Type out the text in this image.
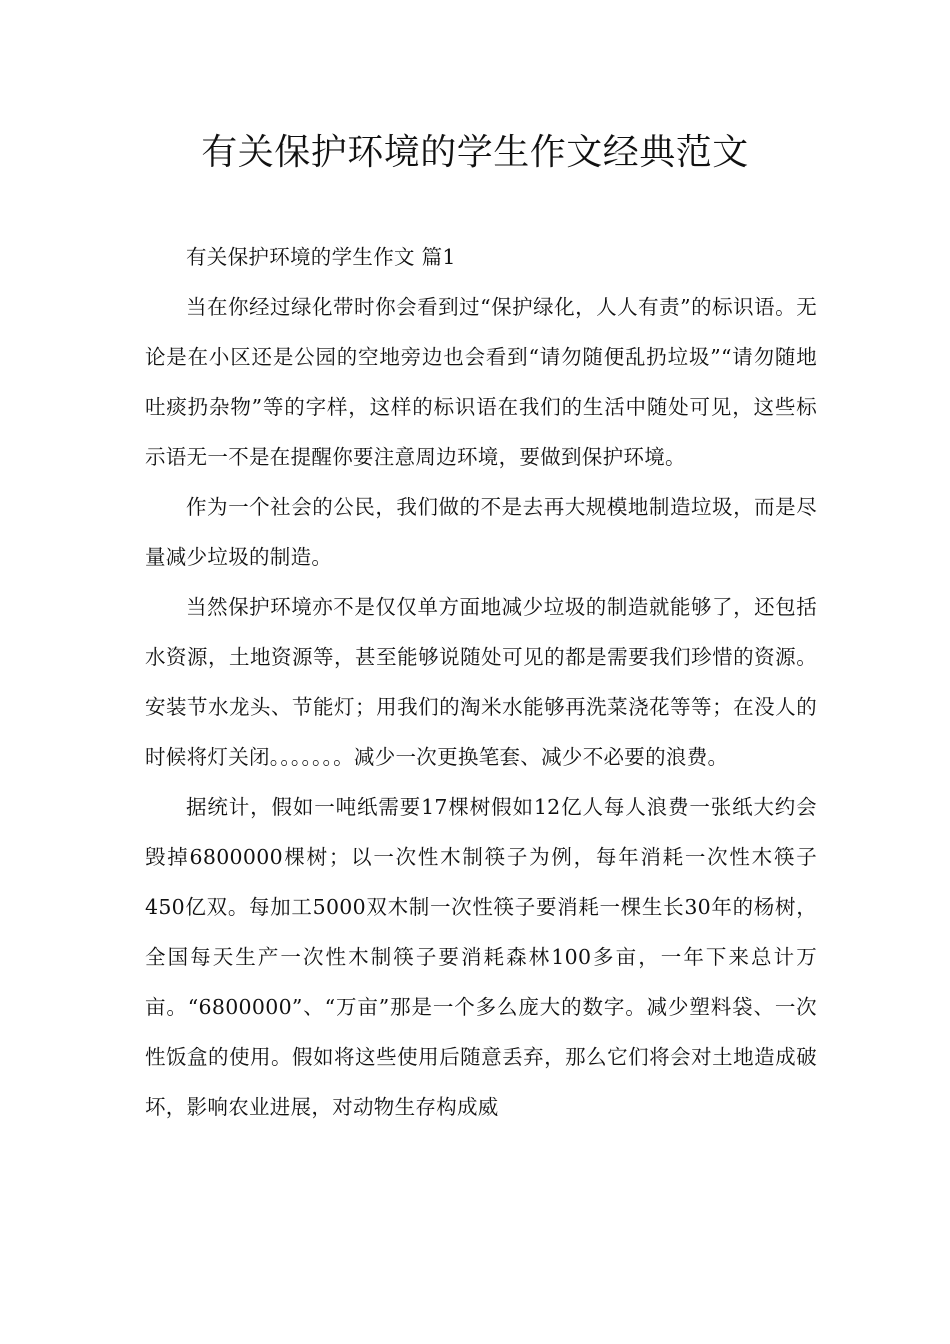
有关保护环境的学生作文经典范文

有关保护环境的学生作文 篇1

当在你经过绿化带时你会看到过“保护绿化，人人有责”的标识语。无论是在小区还是公园的空地旁边也会看到“请勿随便乱扔垃圾”“请勿随地吐痰扔杂物”等的字样，这样的标识语在我们的生活中随处可见，这些标示语无一不是在提醒你要注意周边环境，要做到保护环境。

作为一个社会的公民，我们做的不是去再大规模地制造垃圾，而是尽量减少垃圾的制造。

当然保护环境亦不是仅仅单方面地减少垃圾的制造就能够了，还包括水资源，土地资源等，甚至能够说随处可见的都是需要我们珍惜的资源。安装节水龙头、节能灯；用我们的淘米水能够再洗菜浇花等等；在没人的时候将灯关闭。。。。。。。减少一次更换笔套、减少不必要的浪费。

据统计，假如一吨纸需要17棵树假如12亿人每人浪费一张纸大约会毁掉6800000棵树；以一次性木制筷子为例，每年消耗一次性木筷子450亿双。每加工5000双木制一次性筷子要消耗一棵生长30年的杨树，全国每天生产一次性木制筷子要消耗森林100多亩，一年下来总计万亩。“6800000”、“万亩”那是一个多么庞大的数字。减少塑料袋、一次性饭盒的使用。假如将这些使用后随意丢弃，那么它们将会对土地造成破坏，影响农业进展，对动物生存构成威
